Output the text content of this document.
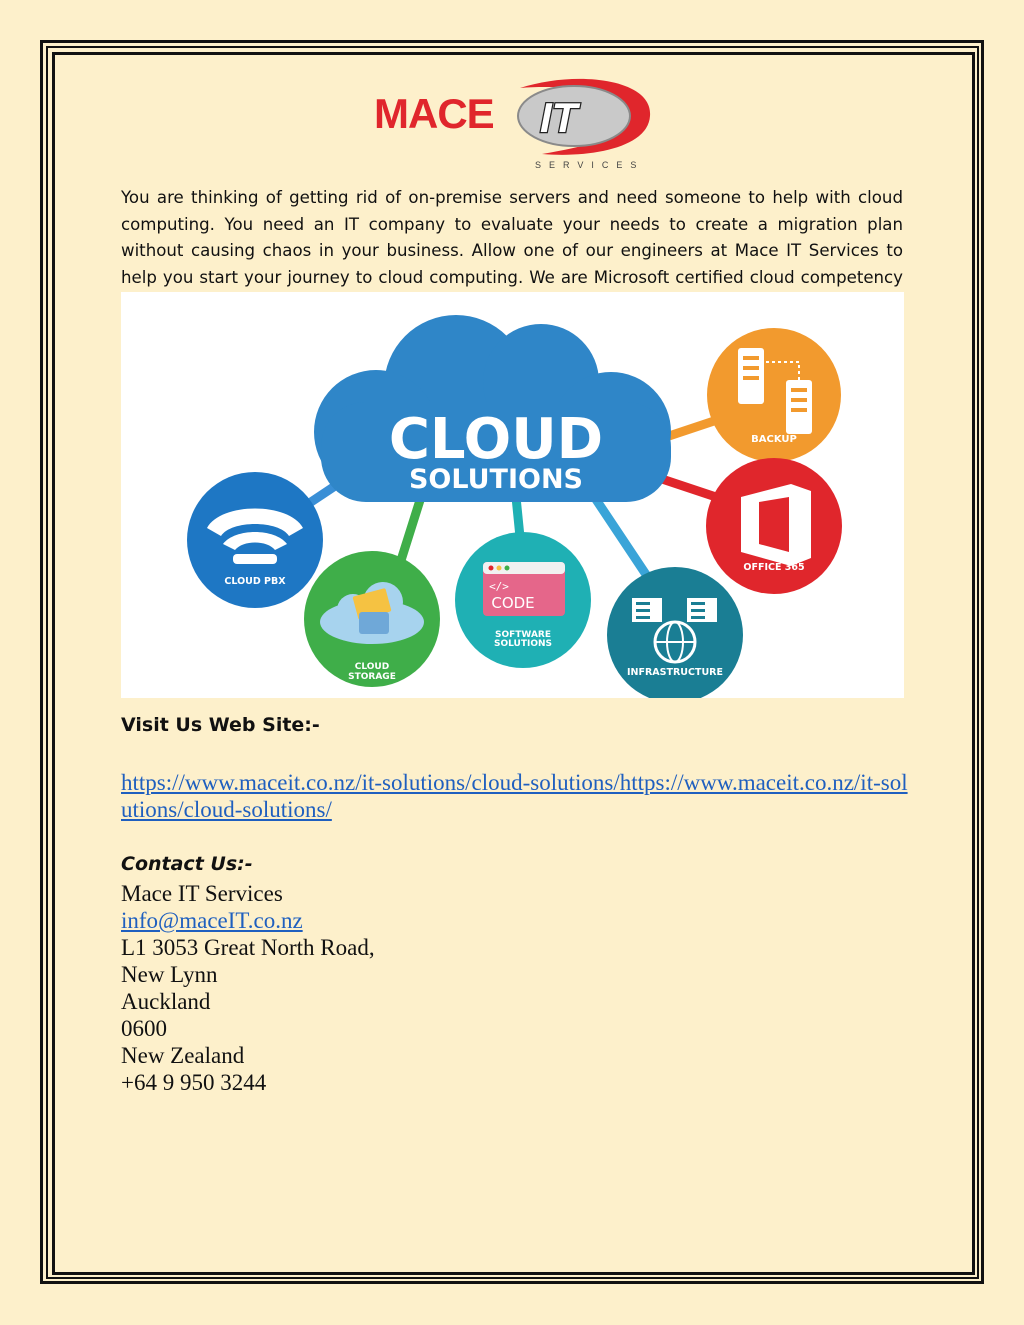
MACE IT
SERVICES

You are thinking of getting rid of on-premise servers and need someone to help with cloud computing. You need an IT company to evaluate your needs to create a migration plan without causing chaos in your business. Allow one of our engineers at Mace IT Services to help you start your journey to cloud computing. We are Microsoft certified cloud competency partner.

CLOUD
SOLUTIONS
BACKUP
OFFICE 365
CLOUD PBX
CLOUD
STORAGE
</>
CODE
SOFTWARE
SOLUTIONS
INFRASTRUCTURE

Visit Us Web Site:-

https://www.maceit.co.nz/it-solutions/cloud-solutions/https://www.maceit.co.nz/it-solutions/cloud-solutions/

Contact Us:-

Mace IT Services
info@maceIT.co.nz
L1 3053 Great North Road,
New Lynn
Auckland
0600
New Zealand
+64 9 950 3244
